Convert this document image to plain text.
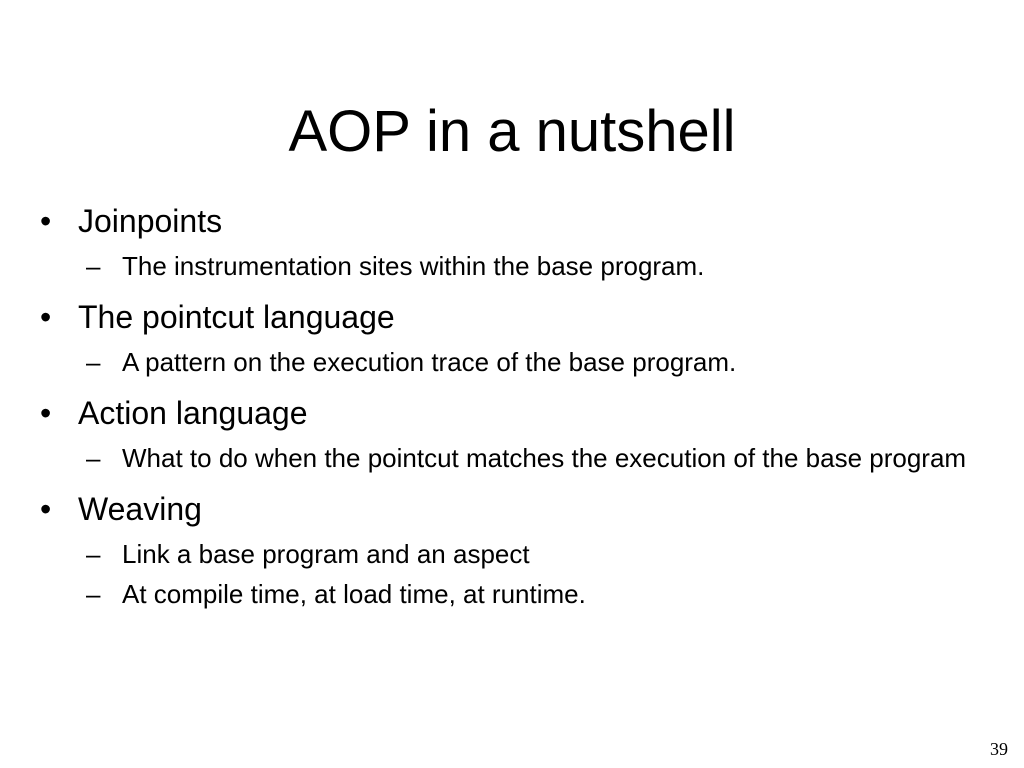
AOP in a nutshell
• Joinpoints
– The instrumentation sites within the base program.
• The pointcut language
– A pattern on the execution trace of the base program.
• Action language
– What to do when the pointcut matches the execution of the base program
• Weaving
– Link a base program and an aspect
– At compile time, at load time, at runtime.
39
